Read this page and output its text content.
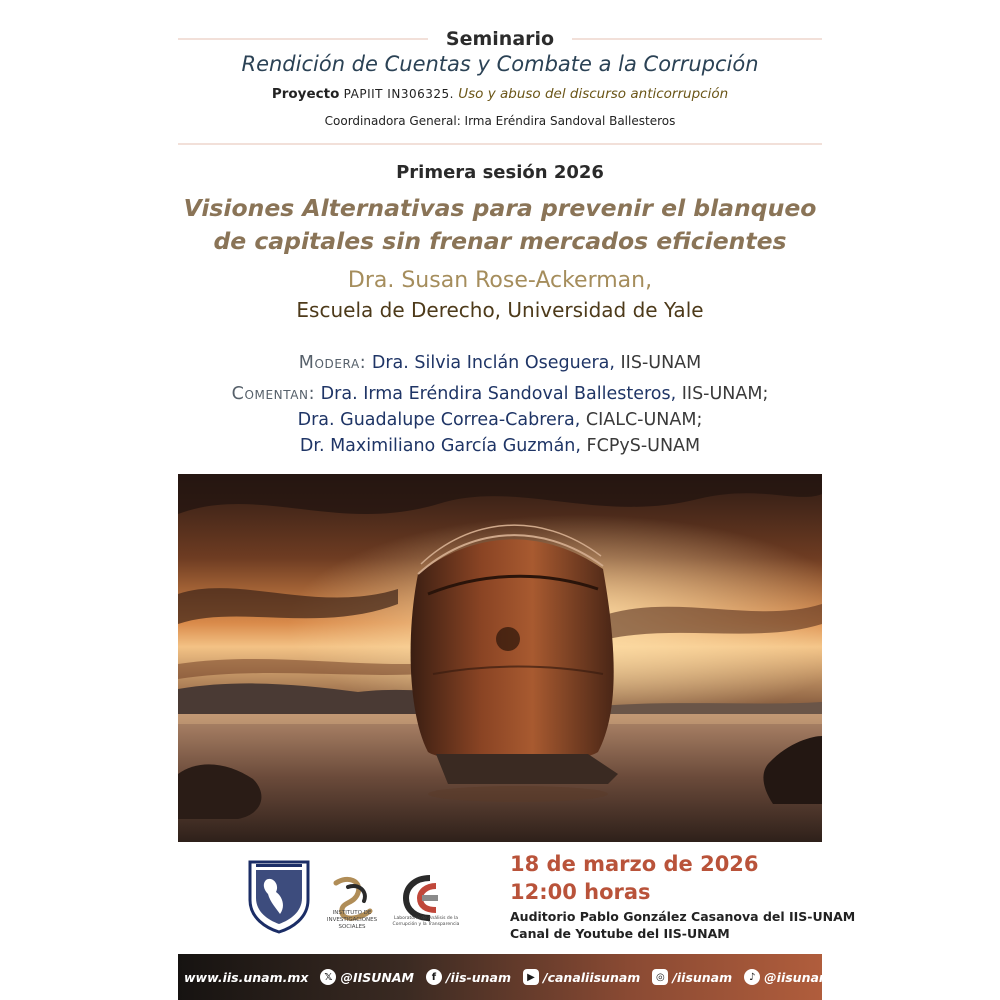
Seminario
Rendición de Cuentas y Combate a la Corrupción
Proyecto PAPIIT IN306325. Uso y abuso del discurso anticorrupción
Coordinadora General: Irma Eréndira Sandoval Ballesteros
Primera sesión 2026
Visiones Alternativas para prevenir el blanqueo
de capitales sin frenar mercados eficientes
Dra. Susan Rose-Ackerman,
Escuela de Derecho, Universidad de Yale
Modera: Dra. Silvia Inclán Oseguera, IIS-UNAM
Comentan: Dra. Irma Eréndira Sandoval Ballesteros, IIS-UNAM;
Dra. Guadalupe Correa-Cabrera, CIALC-UNAM;
Dr. Maximiliano García Guzmán, FCPyS-UNAM
INSTITUTO DE INVESTIGACIONES SOCIALES
Laboratorio de Análisis de la Corrupción y la Transparencia
18 de marzo de 2026
12:00 horas
Auditorio Pablo González Casanova del IIS-UNAM
Canal de Youtube del IIS-UNAM
www.iis.unam.mx	𝕏 @IISUNAM	f /iis-unam	▶ /canaliisunam	◎ /iisunam	♪ @iisunammx
